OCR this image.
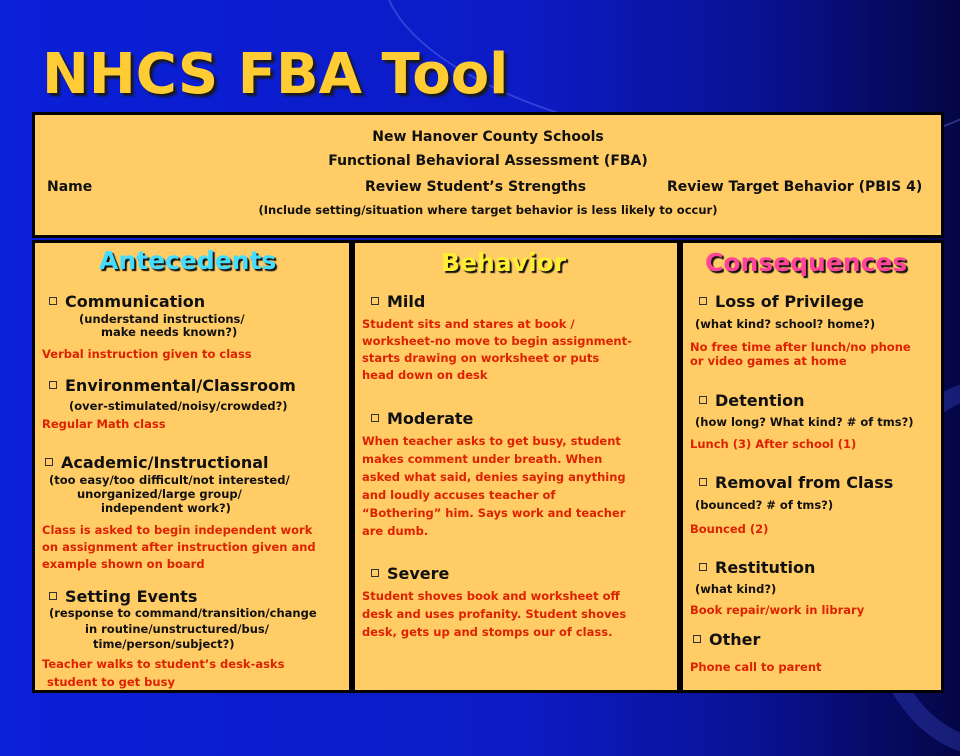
NHCS FBA Tool
New Hanover County Schools
Functional Behavioral Assessment (FBA)
Name	Review Student’s Strengths	Review Target Behavior (PBIS 4)
(Include setting/situation where target behavior is less likely to occur)
Antecedents
Communication
(understand instructions/
make needs known?)
Verbal instruction given to class
Environmental/Classroom
(over-stimulated/noisy/crowded?)
Regular Math class
Academic/Instructional
(too easy/too difficult/not interested/
unorganized/large group/
independent work?)
Class is asked to begin independent work
on assignment after instruction given and
example shown on board
Setting Events
(response to command/transition/change
in routine/unstructured/bus/
time/person/subject?)
Teacher walks to student’s desk-asks
student to get busy
Behavior
Mild
Student sits and stares at book /
worksheet-no move to begin assignment-
starts drawing on worksheet or puts
head down on desk
Moderate
When teacher asks to get busy, student
makes comment under breath. When
asked what said, denies saying anything
and loudly accuses teacher of
“Bothering” him. Says work and teacher
are dumb.
Severe
Student shoves book and worksheet off
desk and uses profanity. Student shoves
desk, gets up and stomps our of class.
Consequences
Loss of Privilege
(what kind? school? home?)
No free time after lunch/no phone
or video games at home
Detention
(how long? What kind? # of tms?)
Lunch (3) After school (1)
Removal from Class
(bounced? # of tms?)
Bounced (2)
Restitution
(what kind?)
Book repair/work in library
Other
Phone call to parent
